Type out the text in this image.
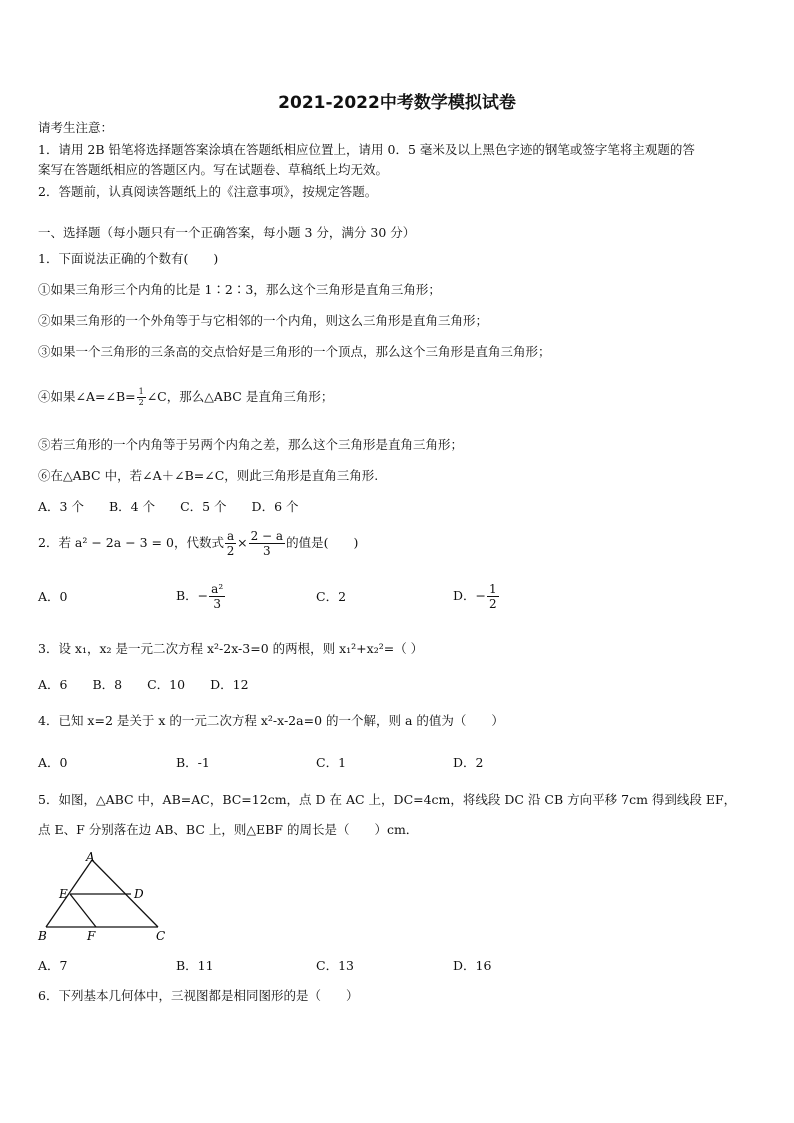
2021-2022中考数学模拟试卷
请考生注意：
1．请用 2B 铅笔将选择题答案涂填在答题纸相应位置上，请用 0．5 毫米及以上黑色字迹的钢笔或签字笔将主观题的答
案写在答题纸相应的答题区内。写在试题卷、草稿纸上均无效。
2．答题前，认真阅读答题纸上的《注意事项》，按规定答题。
一、选择题（每小题只有一个正确答案，每小题 3 分，满分 30 分）
1．下面说法正确的个数有(　　)
①如果三角形三个内角的比是 1∶2∶3，那么这个三角形是直角三角形；
②如果三角形的一个外角等于与它相邻的一个内角，则这么三角形是直角三角形；
③如果一个三角形的三条高的交点恰好是三角形的一个顶点，那么这个三角形是直角三角形；
④如果∠A=∠B= $\frac{1}{2}$ ∠C，那么△ABC 是直角三角形；
⑤若三角形的一个内角等于另两个内角之差，那么这个三角形是直角三角形；
⑥在△ABC 中，若∠A＋∠B=∠C，则此三角形是直角三角形.
A．3 个　　B．4 个　　C．5 个　　D．6 个
2．若 a² − 2a − 3 = 0，代数式 $\frac{a}{2} \times \frac{2 - a}{3}$ 的值是(　　)
A．0	B．− $\frac{\text{a²}}{3}$	C．2	D．− $\frac{1}{2}$
3．设 x₁，x₂ 是一元二次方程 x²-2x-3=0 的两根，则 x₁²+x₂²=（ ）
A．6　　B．8　　C．10　　D．12
4．已知 x=2 是关于 x 的一元二次方程 x²-x-2a=0 的一个解，则 a 的值为（　　）
A．0	B．-1	C．1	D．2
5．如图，△ABC 中，AB=AC，BC=12cm，点 D 在 AC 上，DC=4cm，将线段 DC 沿 CB 方向平移 7cm 得到线段 EF，
点 E、F 分别落在边 AB、BC 上，则△EBF 的周长是（　　）cm．
A
E	D
B	F	C
A．7	B．11	C．13	D．16
6．下列基本几何体中，三视图都是相同图形的是（　　）
